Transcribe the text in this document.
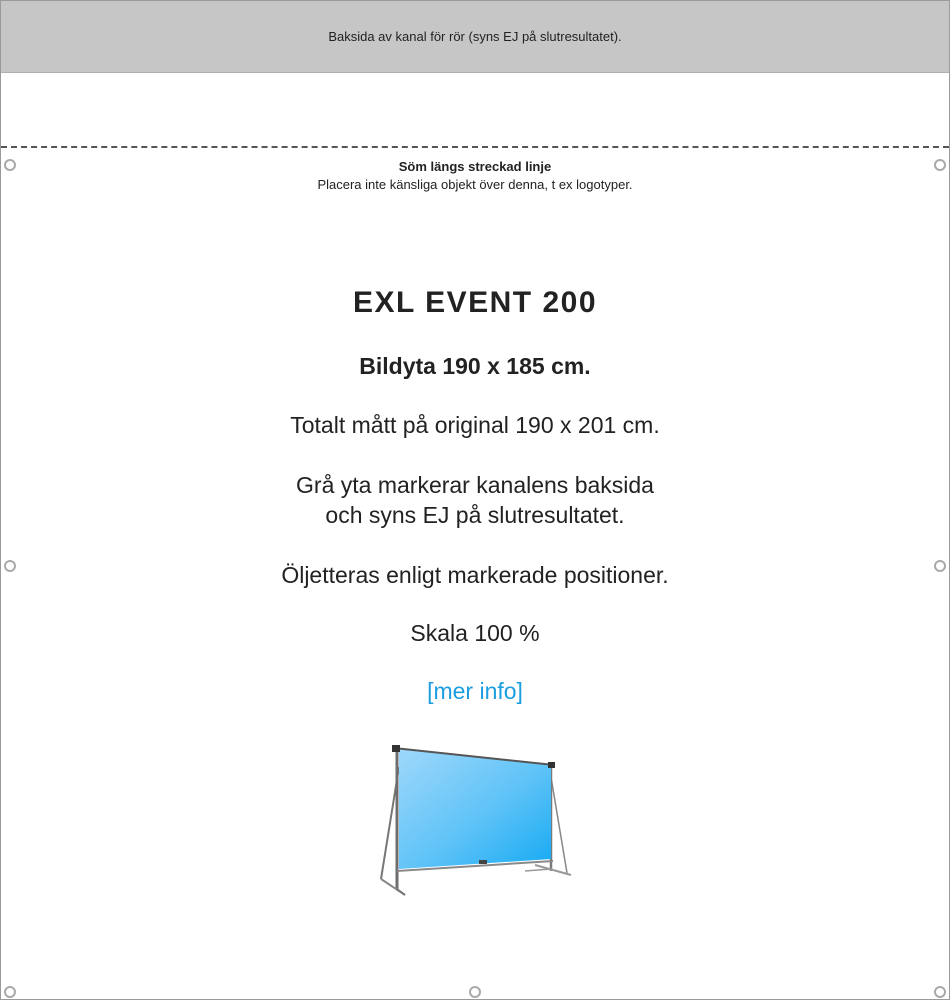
Baksida av kanal för rör (syns EJ på slutresultatet).
Söm längs streckad linje
Placera inte känsliga objekt över denna, t ex logotyper.
EXL EVENT 200
Bildyta 190 x 185 cm.
Totalt mått på original 190 x 201 cm.
Grå yta markerar kanalens baksida
och syns EJ på slutresultatet.
Öljetteras enligt markerade positioner.
Skala 100 %
[mer info]
